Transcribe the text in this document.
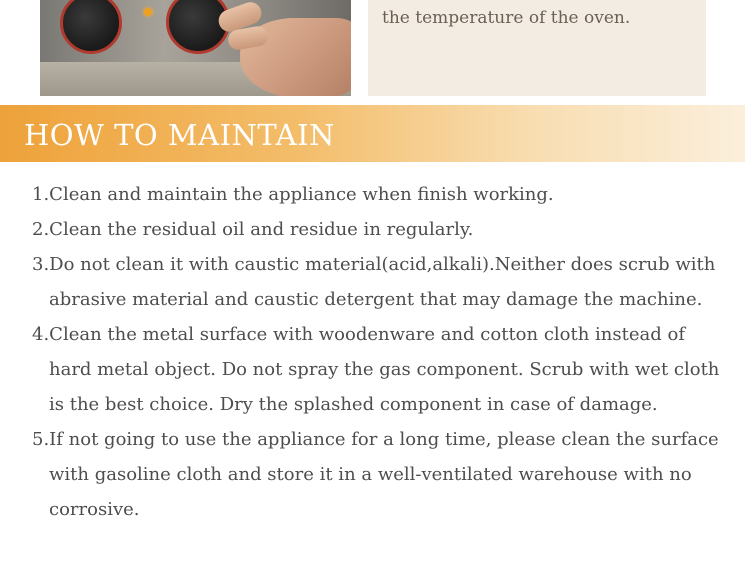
the temperature of the oven.
HOW TO MAINTAIN
1.Clean and maintain the appliance when finish working.
2.Clean the residual oil and residue in regularly.
3.Do not clean it with caustic material(acid,alkali).Neither does scrub with abrasive material and caustic detergent that may damage the machine.
4.Clean the metal surface with woodenware and cotton cloth instead of hard metal object. Do not spray the gas component. Scrub with wet cloth is the best choice. Dry the splashed component in case of damage.
5.If not going to use the appliance for a long time, please clean the surface with gasoline cloth and store it in a well-ventilated warehouse with no corrosive.
